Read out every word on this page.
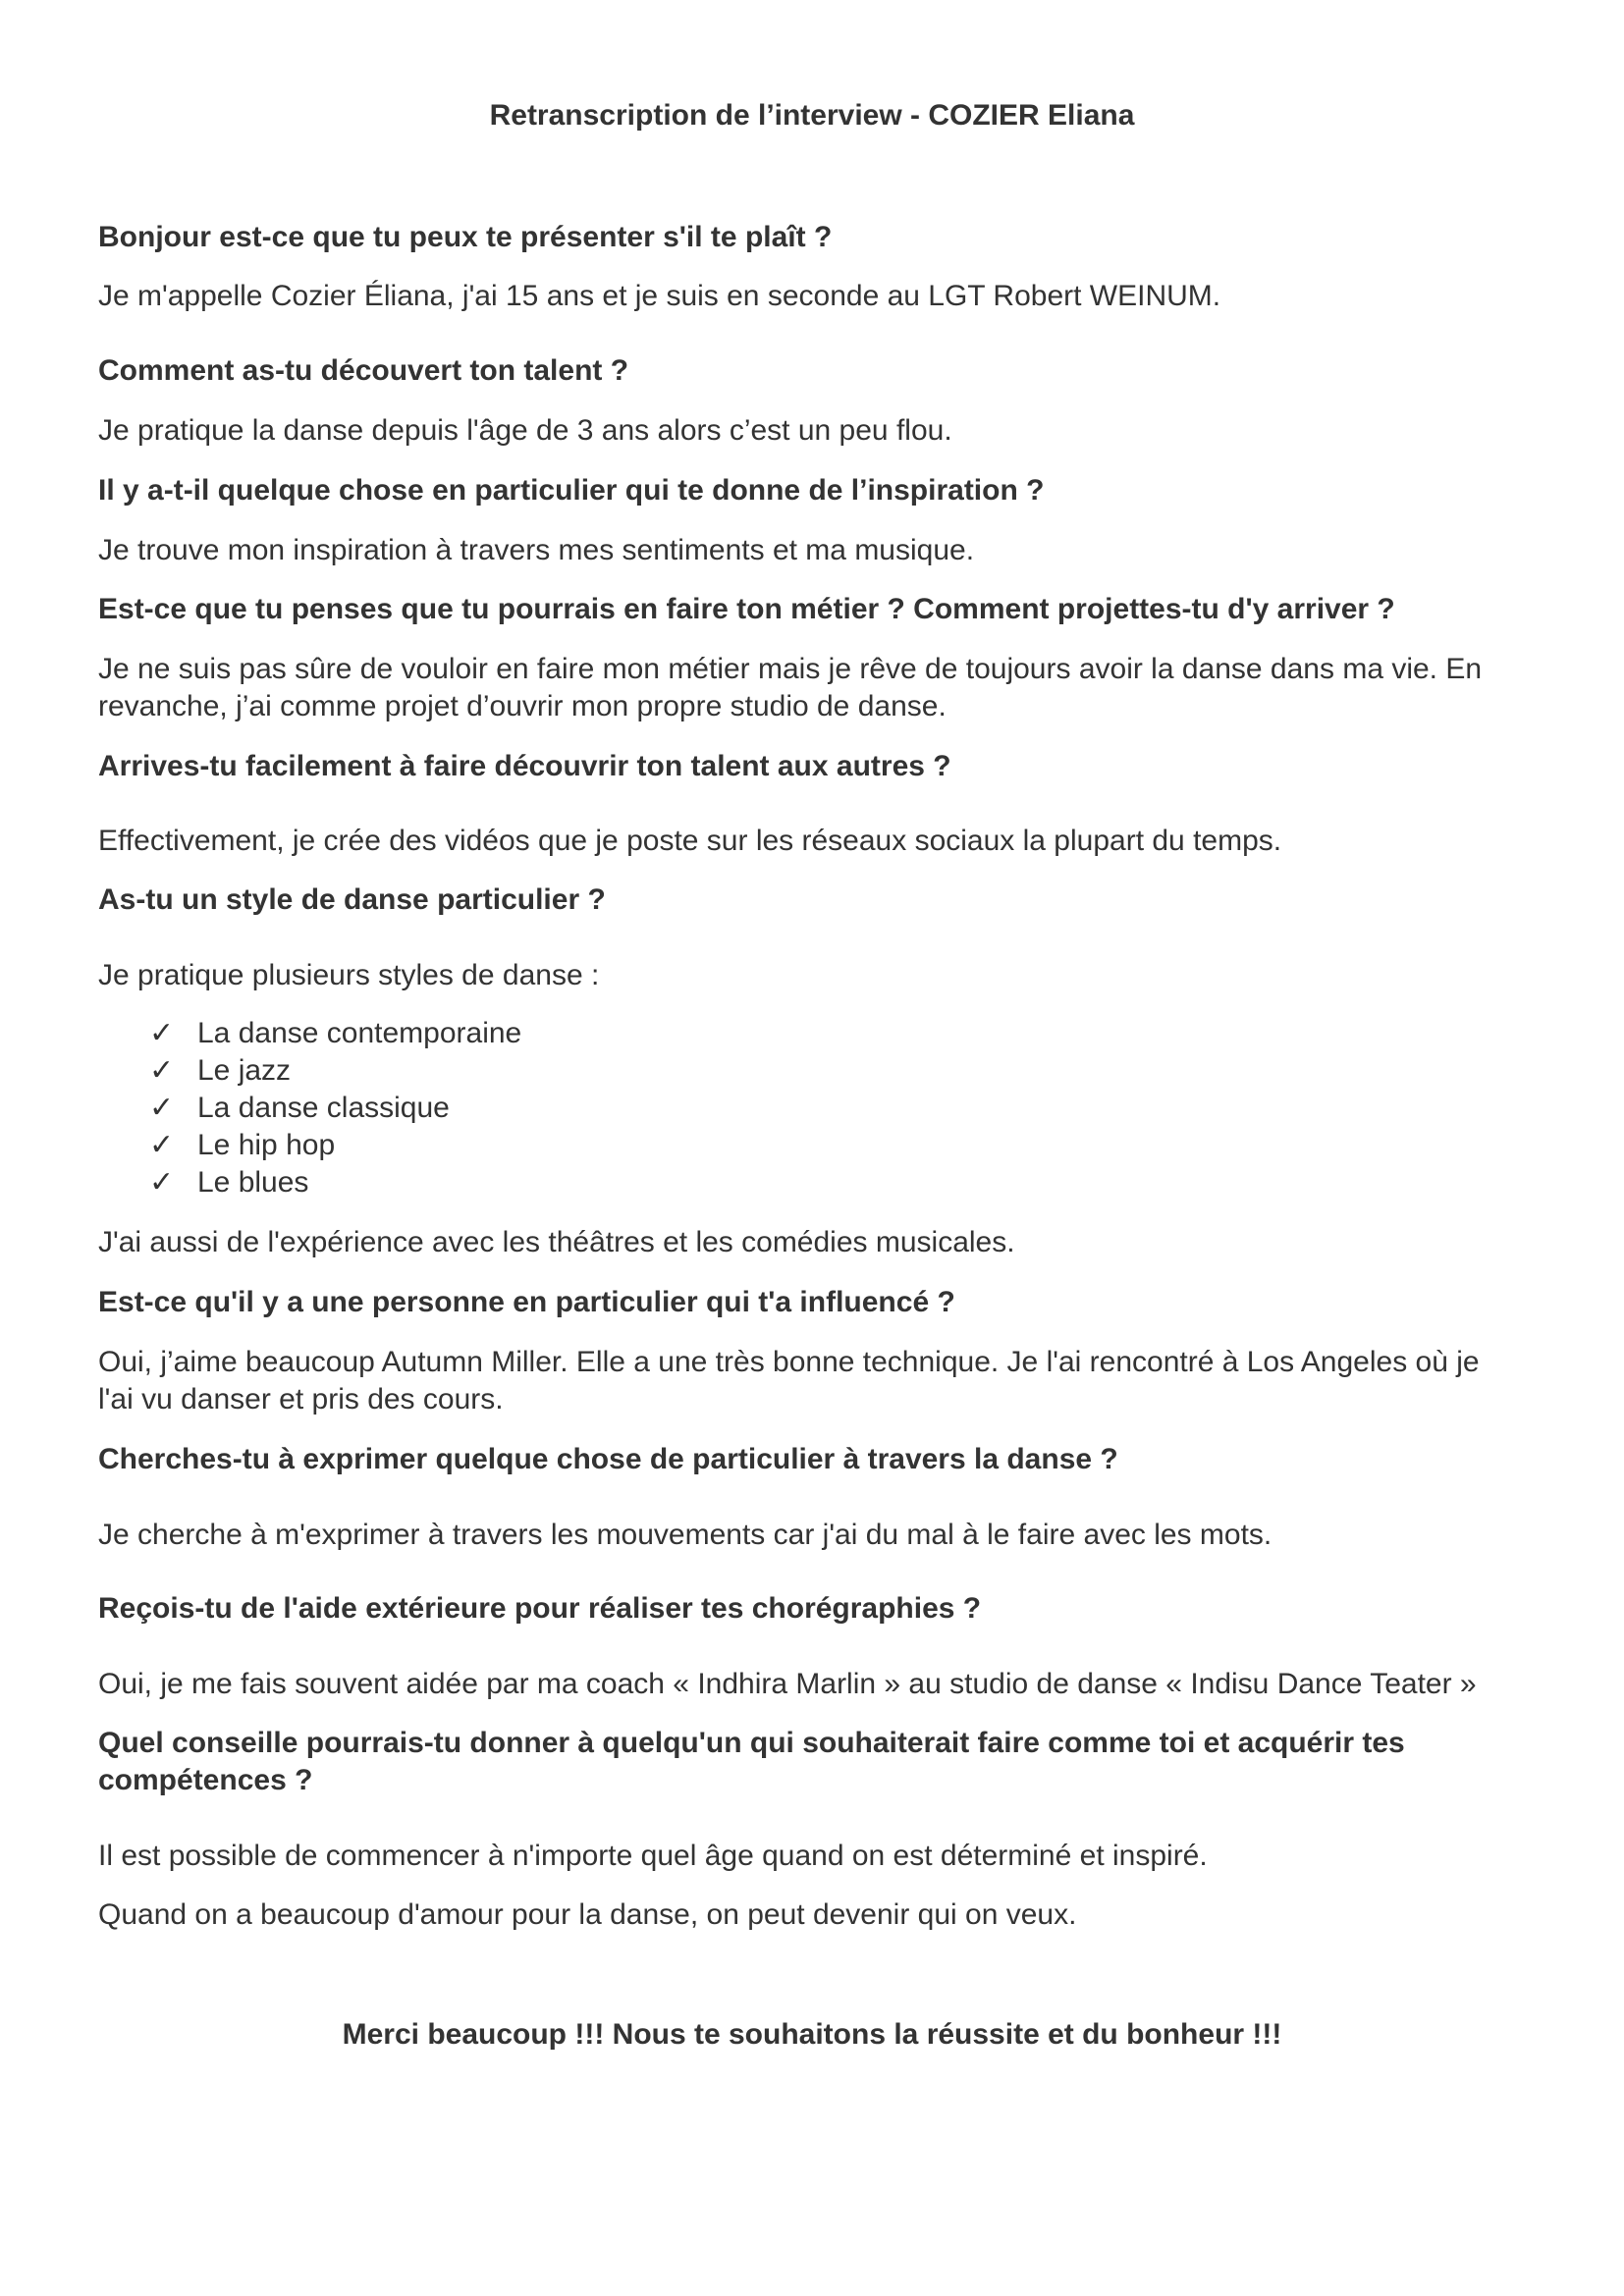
Retranscription de l’interview - COZIER Eliana
Bonjour est-ce que tu peux te présenter s'il te plaît ?
Je m'appelle Cozier Éliana, j'ai 15 ans et je suis en seconde au LGT Robert WEINUM.
Comment as-tu découvert ton talent ?
Je pratique la danse depuis l'âge de 3 ans alors c’est un peu flou.
Il y a-t-il quelque chose en particulier qui te donne de l’inspiration ?
Je trouve mon inspiration à travers mes sentiments et ma musique.
Est-ce que tu penses que tu pourrais en faire ton métier ? Comment projettes-tu d'y arriver ?
Je ne suis pas sûre de vouloir en faire mon métier mais je rêve de toujours avoir la danse dans ma vie. En
revanche, j’ai comme projet d’ouvrir mon propre studio de danse.
Arrives-tu facilement à faire découvrir ton talent aux autres ?
Effectivement, je crée des vidéos que je poste sur les réseaux sociaux la plupart du temps.
As-tu un style de danse particulier ?
Je pratique plusieurs styles de danse :
✓ La danse contemporaine
✓ Le jazz
✓ La danse classique
✓ Le hip hop
✓ Le blues
J'ai aussi de l'expérience avec les théâtres et les comédies musicales.
Est-ce qu'il y a une personne en particulier qui t'a influencé ?
Oui, j’aime beaucoup Autumn Miller. Elle a une très bonne technique. Je l'ai rencontré à Los Angeles où je
l'ai vu danser et pris des cours.
Cherches-tu à exprimer quelque chose de particulier à travers la danse ?
Je cherche à m'exprimer à travers les mouvements car j'ai du mal à le faire avec les mots.
Reçois-tu de l'aide extérieure pour réaliser tes chorégraphies ?
Oui, je me fais souvent aidée par ma coach « Indhira Marlin » au studio de danse « Indisu Dance Teater »
Quel conseille pourrais-tu donner à quelqu'un qui souhaiterait faire comme toi et acquérir tes
compétences ?
Il est possible de commencer à n'importe quel âge quand on est déterminé et inspiré.
Quand on a beaucoup d'amour pour la danse, on peut devenir qui on veux.
Merci beaucoup !!! Nous te souhaitons la réussite et du bonheur !!!
